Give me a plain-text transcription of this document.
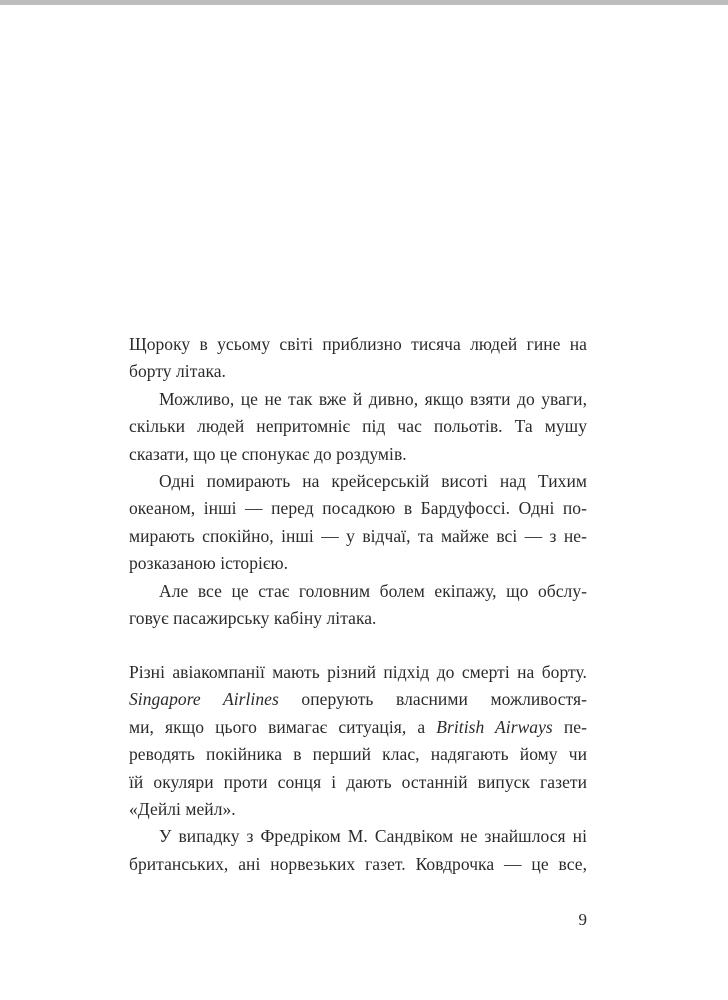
Щороку в усьому світі приблизно тисяча людей гине на
борту літака.
Можливо, це не так вже й дивно, якщо взяти до уваги,
скільки людей непритомніє під час польотів. Та мушу
сказати, що це спонукає до роздумів.
Одні помирають на крейсерській висоті над Тихим
океаном, інші — перед посадкою в Бардуфоссі. Одні по-
мирають спокійно, інші — у відчаї, та майже всі — з не-
розказаною історією.
Але все це стає головним болем екіпажу, що обслу-
говує пасажирську кабіну літака.
Різні авіакомпанії мають різний підхід до смерті на борту.
Singapore Airlines оперують власними можливостя-
ми, якщо цього вимагає ситуація, а British Airways пе-
реводять покійника в перший клас, надягають йому чи
їй окуляри проти сонця і дають останній випуск газети
«Дейлі мейл».
У випадку з Фредріком М. Сандвіком не знайшлося ні
британських, ані норвезьких газет. Ковдрочка — це все,
9
